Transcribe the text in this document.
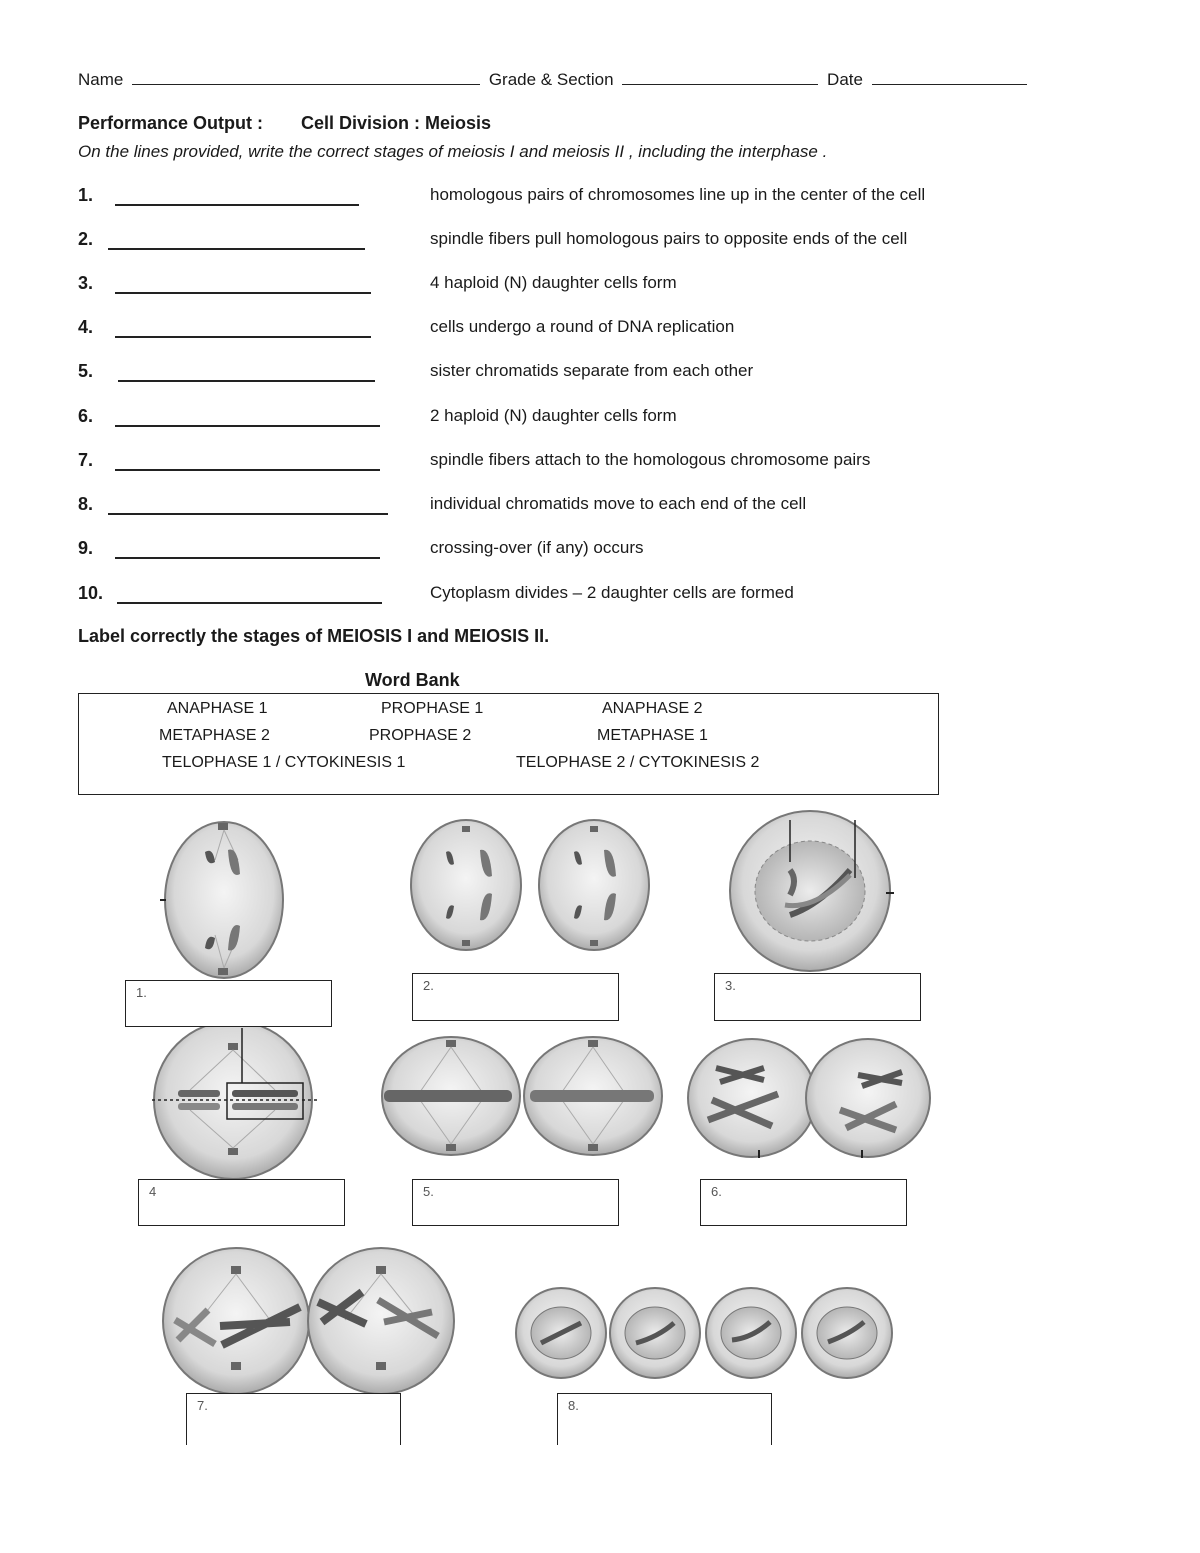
Name	Grade & Section	Date
Performance Output : Cell Division : Meiosis
On the lines provided, write the correct stages of meiosis I and meiosis II , including the interphase .
1.	homologous pairs of chromosomes line up in the center of the cell
2.	spindle fibers pull homologous pairs to opposite ends of the cell
3.	4 haploid (N) daughter cells form
4.	cells undergo a round of DNA replication
5.	sister chromatids separate from each other
6.	2 haploid (N) daughter cells form
7.	spindle fibers attach to the homologous chromosome pairs
8.	individual chromatids move to each end of the cell
9.	crossing-over (if any) occurs
10.	Cytoplasm divides – 2 daughter cells are formed
Label correctly the stages of MEIOSIS I and MEIOSIS II.
Word Bank
ANAPHASE 1	PROPHASE 1	ANAPHASE 2
METAPHASE 2	PROPHASE 2	METAPHASE 1
TELOPHASE 1 / CYTOKINESIS 1	TELOPHASE 2 / CYTOKINESIS 2
1.	2.	3.
4	5.	6.
7.	8.
